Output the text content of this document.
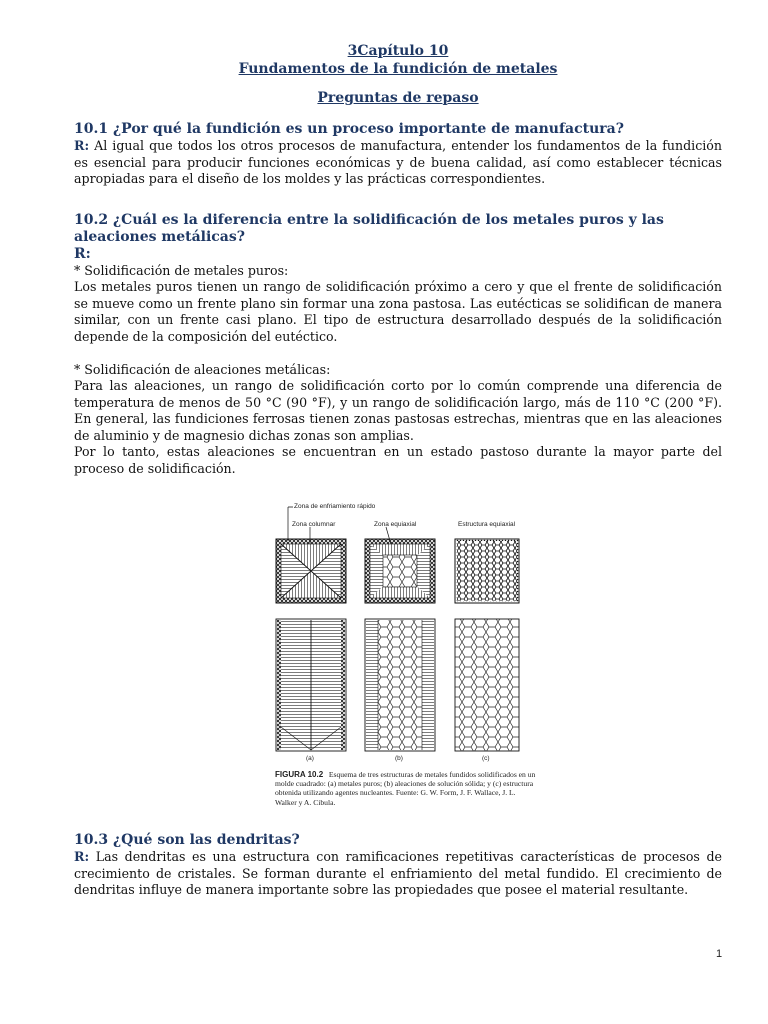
3Capítulo 10
Fundamentos de la fundición de metales
Preguntas de repaso
10.1 ¿Por qué la fundición es un proceso importante de manufactura?
R: Al igual que todos los otros procesos de manufactura, entender los fundamentos de la fundición es esencial para producir funciones económicas y de buena calidad, así como establecer técnicas apropiadas para el diseño de los moldes y las prácticas correspondientes.
10.2 ¿Cuál es la diferencia entre la solidificación de los metales puros y las aleaciones metálicas?
R:
* Solidificación de metales puros:
Los metales puros tienen un rango de solidificación próximo a cero y que el frente de solidificación se mueve como un frente plano sin formar una zona pastosa. Las eutécticas se solidifican de manera similar, con un frente casi plano. El tipo de estructura desarrollado después de la solidificación depende de la composición del eutéctico.
* Solidificación de aleaciones metálicas:
Para las aleaciones, un rango de solidificación corto por lo común comprende una diferencia de temperatura de menos de 50 °C (90 °F), y un rango de solidificación largo, más de 110 °C (200 °F). En general, las fundiciones ferrosas tienen zonas pastosas estrechas, mientras que en las aleaciones de aluminio y de magnesio dichas zonas son amplias.
Por lo tanto, estas aleaciones se encuentran en un estado pastoso durante la mayor parte del proceso de solidificación.
10.3 ¿Qué son las dendritas?
R: Las dendritas es una estructura con ramificaciones repetitivas características de procesos de crecimiento de cristales. Se forman durante el enfriamiento del metal fundido. El crecimiento de dendritas influye de manera importante sobre las propiedades que posee el material resultante.
Zona de enfriamiento rápido
Zona columnar	Zona equiaxial	Estructura equiaxial
(a)	(b)	(c)
FIGURA 10.2 Esquema de tres estructuras de metales fundidos solidificados en un molde cuadrado: (a) metales puros; (b) aleaciones de solución sólida; y (c) estructura obtenida utilizando agentes nucleantes. Fuente: G. W. Form, J. F. Wallace, J. L. Walker y A. Cibula.
1
